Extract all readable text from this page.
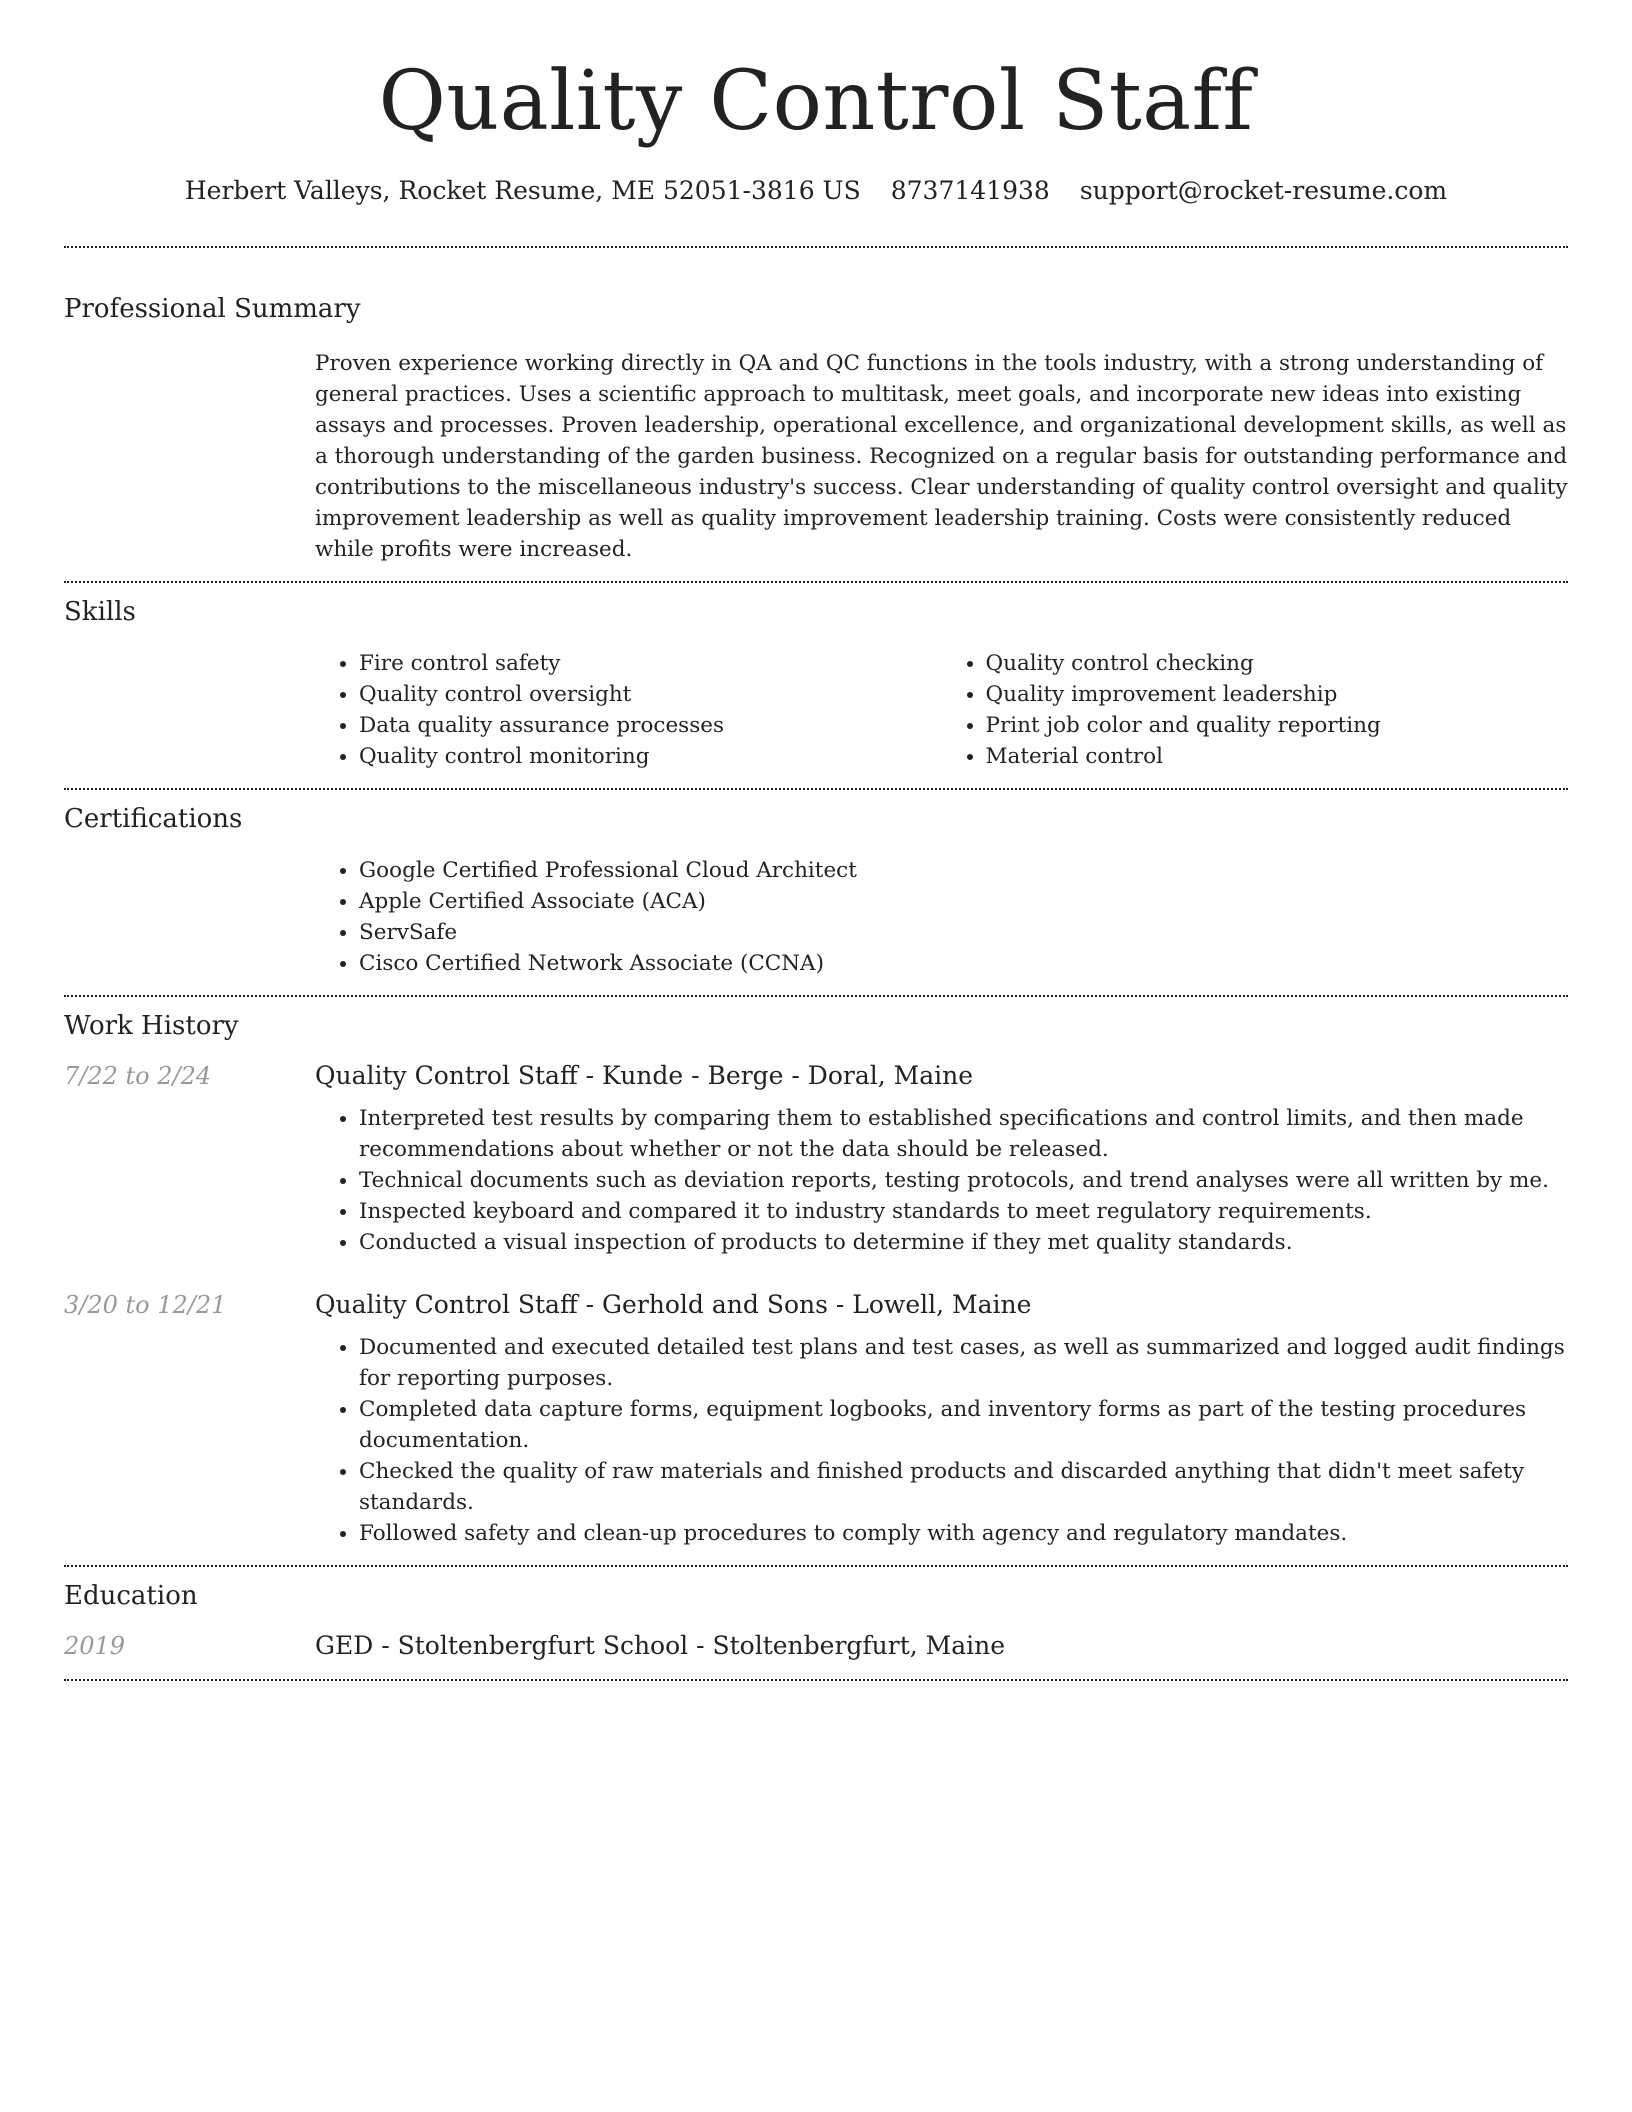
Quality Control Staff
Herbert Valleys, Rocket Resume, ME 52051-3816 US 8737141938 support@rocket-resume.com
Professional Summary
Proven experience working directly in QA and QC functions in the tools industry, with a strong understanding of general practices. Uses a scientific approach to multitask, meet goals, and incorporate new ideas into existing assays and processes. Proven leadership, operational excellence, and organizational development skills, as well as a thorough understanding of the garden business. Recognized on a regular basis for outstanding performance and contributions to the miscellaneous industry's success. Clear understanding of quality control oversight and quality improvement leadership as well as quality improvement leadership training. Costs were consistently reduced while profits were increased.
Skills
• Fire control safety
• Quality control oversight
• Data quality assurance processes
• Quality control monitoring
• Quality control checking
• Quality improvement leadership
• Print job color and quality reporting
• Material control
Certifications
• Google Certified Professional Cloud Architect
• Apple Certified Associate (ACA)
• ServSafe
• Cisco Certified Network Associate (CCNA)
Work History
7/22 to 2/24	Quality Control Staff - Kunde - Berge - Doral, Maine
• Interpreted test results by comparing them to established specifications and control limits, and then made recommendations about whether or not the data should be released.
• Technical documents such as deviation reports, testing protocols, and trend analyses were all written by me.
• Inspected keyboard and compared it to industry standards to meet regulatory requirements.
• Conducted a visual inspection of products to determine if they met quality standards.
3/20 to 12/21	Quality Control Staff - Gerhold and Sons - Lowell, Maine
• Documented and executed detailed test plans and test cases, as well as summarized and logged audit findings for reporting purposes.
• Completed data capture forms, equipment logbooks, and inventory forms as part of the testing procedures documentation.
• Checked the quality of raw materials and finished products and discarded anything that didn't meet safety standards.
• Followed safety and clean-up procedures to comply with agency and regulatory mandates.
Education
2019	GED - Stoltenbergfurt School - Stoltenbergfurt, Maine
